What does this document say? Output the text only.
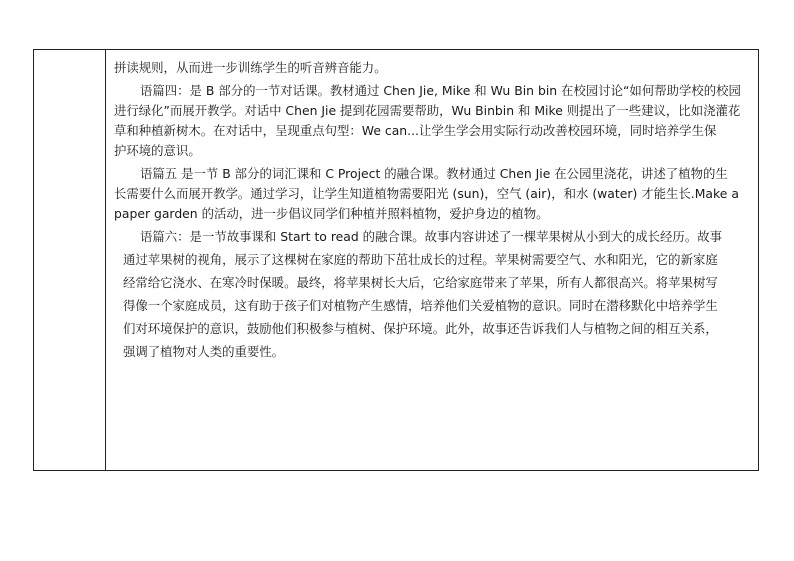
拼读规则，从而进一步训练学生的听音辨音能力。
语篇四：是 B 部分的一节对话课。教材通过 Chen Jie, Mike 和 Wu Bin bin 在校园讨论“如何帮助学校的校园
进行绿化”而展开教学。对话中 Chen Jie 提到花园需要帮助，Wu Binbin 和 Mike 则提出了一些建议，比如浇灌花
草和种植新树木。在对话中，呈现重点句型：We can...让学生学会用实际行动改善校园环境，同时培养学生保
护环境的意识。
语篇五 是一节 B 部分的词汇课和 C Project 的融合课。教材通过 Chen Jie 在公园里浇花，讲述了植物的生
长需要什么而展开教学。通过学习，让学生知道植物需要阳光 (sun)，空气 (air)，和水 (water) 才能生长.Make a
paper garden 的活动，进一步倡议同学们种植并照料植物，爱护身边的植物。
语篇六：是一节故事课和 Start to read 的融合课。故事内容讲述了一棵苹果树从小到大的成长经历。故事
通过苹果树的视角，展示了这棵树在家庭的帮助下茁壮成长的过程。苹果树需要空气、水和阳光，它的新家庭
经常给它浇水、在寒冷时保暖。最终，将苹果树长大后，它给家庭带来了苹果，所有人都很高兴。将苹果树写
得像一个家庭成员，这有助于孩子们对植物产生感情，培养他们关爱植物的意识。同时在潜移默化中培养学生
们对环境保护的意识，鼓励他们积极参与植树、保护环境。此外，故事还告诉我们人与植物之间的相互关系，
强调了植物对人类的重要性。
